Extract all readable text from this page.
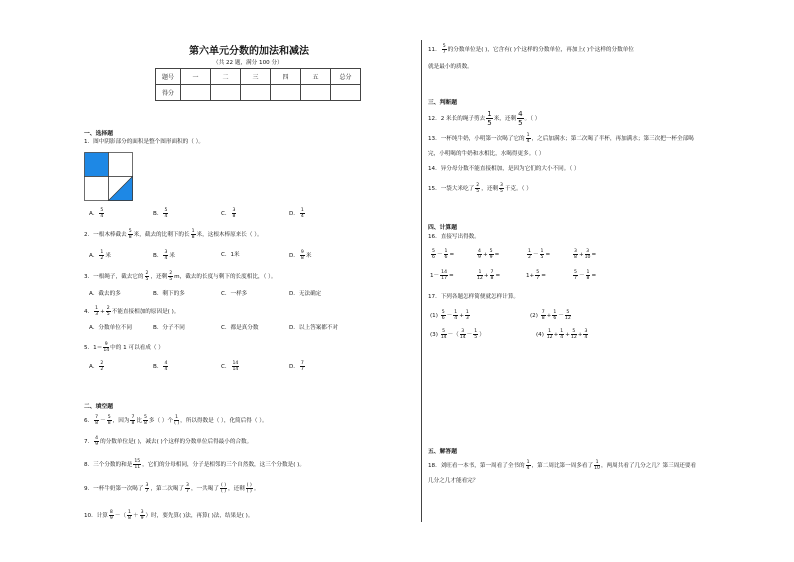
第六单元分数的加法和减法
（共 22 题，满分 100 分）
题号	一	二	三	四	五	总分
得分						
一、选择题
1．图中阴影部分的面积是整个图形面积的（ ）。
A． $\frac{5}{4}$	B． $\frac{5}{4}$	C． $\frac{3}{8}$	D． $\frac{1}{4}$
2．一根木棒截去 $\frac{5}{8}$ 米，截去的比剩下的长 $\frac{1}{8}$ 米，这根木棒原来长（ ）。
A． $\frac{1}{2}$ 米	B． $\frac{3}{4}$ 米	C．1米	D． $\frac{9}{8}$ 米
3．一根绳子，截去它的 $\frac{2}{5}$ ，还剩 $\frac{2}{5}$ m，截去的长度与剩下的长度相比，（ ）。
A．截去的多	B．剩下的多	C．一样多	D．无法确定
4． $\frac{1}{3} + \frac{2}{5}$ 不能直接相加的原因是( )。
A．分数单位不同	B．分子不同	C．都是真分数	D．以上答案都不对
5．$1= \frac{9}{14}$ 中的 1 可以看成（ ）
A． $\frac{2}{2}$	B． $\frac{4}{4}$	C． $\frac{14}{14}$	D． $\frac{7}{7}$
二、填空题
6． $\frac{7}{8} - \frac{5}{8}$ ，因为 $\frac{7}{8}$ 比 $\frac{5}{8}$ 多（ ）个 $\frac{1}{( )}$ ，所以得数是（ ），化简后得（ ）。
7． $\frac{4}{9}$ 的分数单位是( )，减去( )个这样的分数单位后得最小的合数。
8．三个分数的和是 $\frac{15}{11}$ ，它们的分母相同，分子是相邻的三个自然数，这三个分数是( )。
9．一杯牛奶第一次喝了 $\frac{3}{7}$ ，第二次喝了 $\frac{3}{7}$ ，一共喝了 $\frac{( )}{( )}$ ，还剩 $\frac{( )}{( )}$ 。
10．计算 $\frac{8}{9}$ －（ $\frac{1}{8} + \frac{3}{9}$ ）时，要先算( )法，再算( )法，结果是( )。
11． $\frac{5}{7}$ 的分数单位是( )，它含有( )个这样的分数单位，再加上( )个这样的分数单位
就是最小的质数。
三、判断题
12．2 米长的绳子剪去 $\frac{1}{5}$ 米，还剩 $\frac{4}{5}$ 。（ ）
13．一杯纯牛奶，小明第一次喝了它的 $\frac{1}{4}$ ，之后加满水；第二次喝了半杯，再加满水；第三次把一杯全部喝
完，小明喝的牛奶和水相比，水喝得更多。（ ）
14．异分母分数不能直接相加，是因为它们的大小不同。（ ）
15．一袋大米吃了 $\frac{2}{5}$ ，还剩 $\frac{3}{5}$ 千克。（ ）
四、计算题
16．直接写出得数。
$\frac{5}{6} - \frac{1}{6}$ =	$\frac{4}{9} + \frac{5}{9}$ =	$\frac{1}{2} - \frac{1}{5}$ =	$\frac{3}{8} + \frac{3}{10}$ =
$1- \frac{14}{17}$ =	$\frac{1}{12} + \frac{7}{8}$ =	$1+ \frac{5}{7}$ =	$\frac{5}{7} - \frac{1}{8}$ =
17．下列各题怎样简便就怎样计算。
$(1) \frac{5}{6} - \frac{1}{4} + \frac{1}{3}$	$(2) \frac{7}{8} + \frac{1}{6} - \frac{5}{12}$
$(3) \frac{5}{14}$ －（ $\frac{3}{14} - \frac{1}{5}$ ）	$(4) \frac{1}{12} + \frac{1}{4} + \frac{5}{12} + \frac{3}{4}$
五、解答题
18．刘旺看一本书，第一周看了全书的 $\frac{1}{4}$ ，第二周比第一周多看了 $\frac{1}{10}$ ，两周共看了几分之几？第三周还要看
几分之几才能看完？
